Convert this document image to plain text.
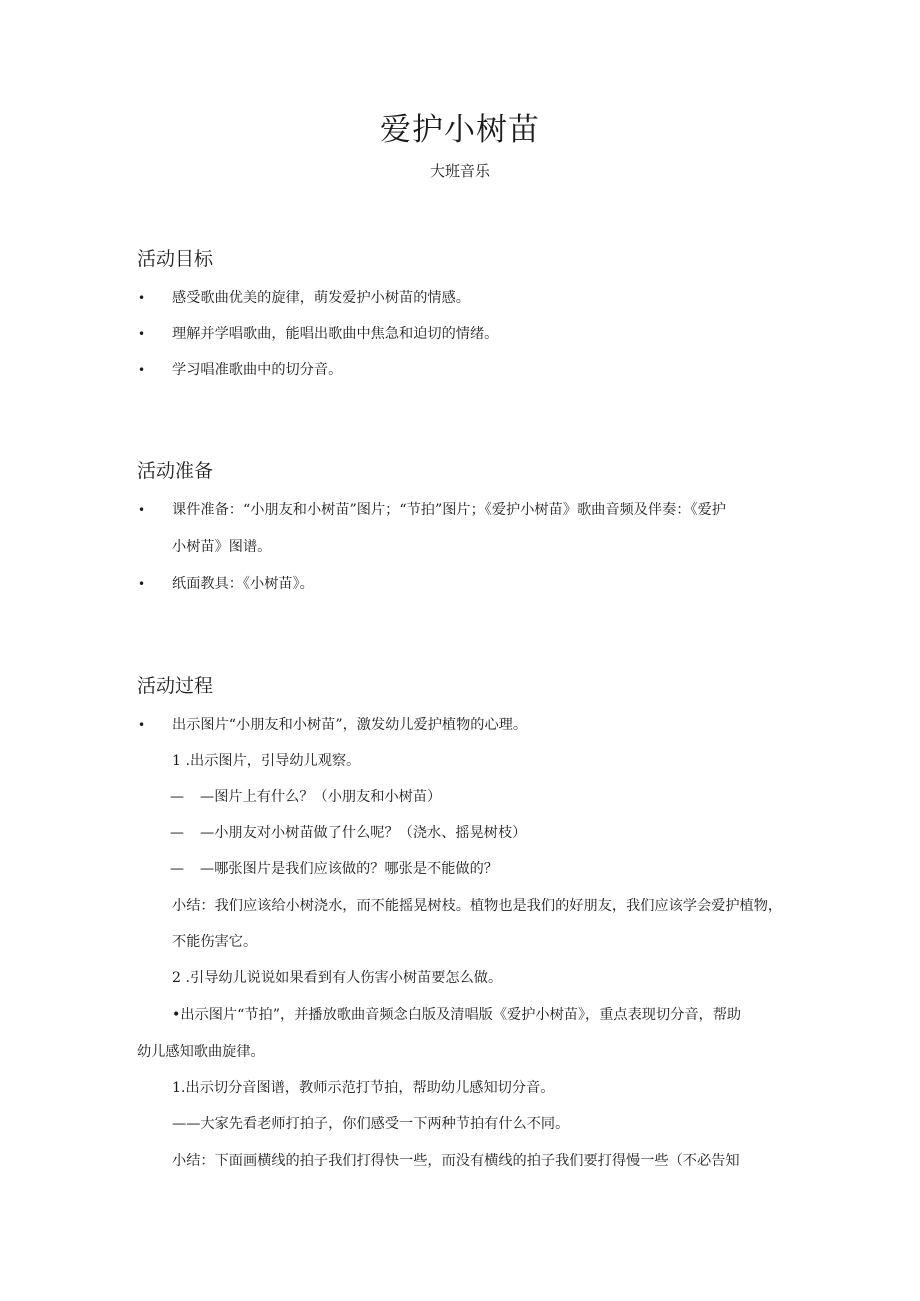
爱护小树苗
大班音乐
活动目标
• 感受歌曲优美的旋律，萌发爱护小树苗的情感。
• 理解并学唱歌曲，能唱出歌曲中焦急和迫切的情绪。
• 学习唱准歌曲中的切分音。
活动准备
• 课件准备：“小朋友和小树苗”图片；“节拍”图片；《爱护小树苗》歌曲音频及伴奏：《爱护
小树苗》图谱。
• 纸面教具：《小树苗》。
活动过程
• 出示图片“小朋友和小树苗”，激发幼儿爱护植物的心理。
1 .出示图片，引导幼儿观察。
— —图片上有什么？（小朋友和小树苗）
— —小朋友对小树苗做了什么呢？（浇水、摇晃树枝）
— —哪张图片是我们应该做的？哪张是不能做的？
小结：我们应该给小树浇水，而不能摇晃树枝。植物也是我们的好朋友，我们应该学会爱护植物，
不能伤害它。
2 .引导幼儿说说如果看到有人伤害小树苗要怎么做。
•出示图片“节拍”，并播放歌曲音频念白版及清唱版《爱护小树苗》，重点表现切分音，帮助
幼儿感知歌曲旋律。
1.出示切分音图谱，教师示范打节拍，帮助幼儿感知切分音。
——大家先看老师打拍子，你们感受一下两种节拍有什么不同。
小结：下面画横线的拍子我们打得快一些，而没有横线的拍子我们要打得慢一些（不必告知
